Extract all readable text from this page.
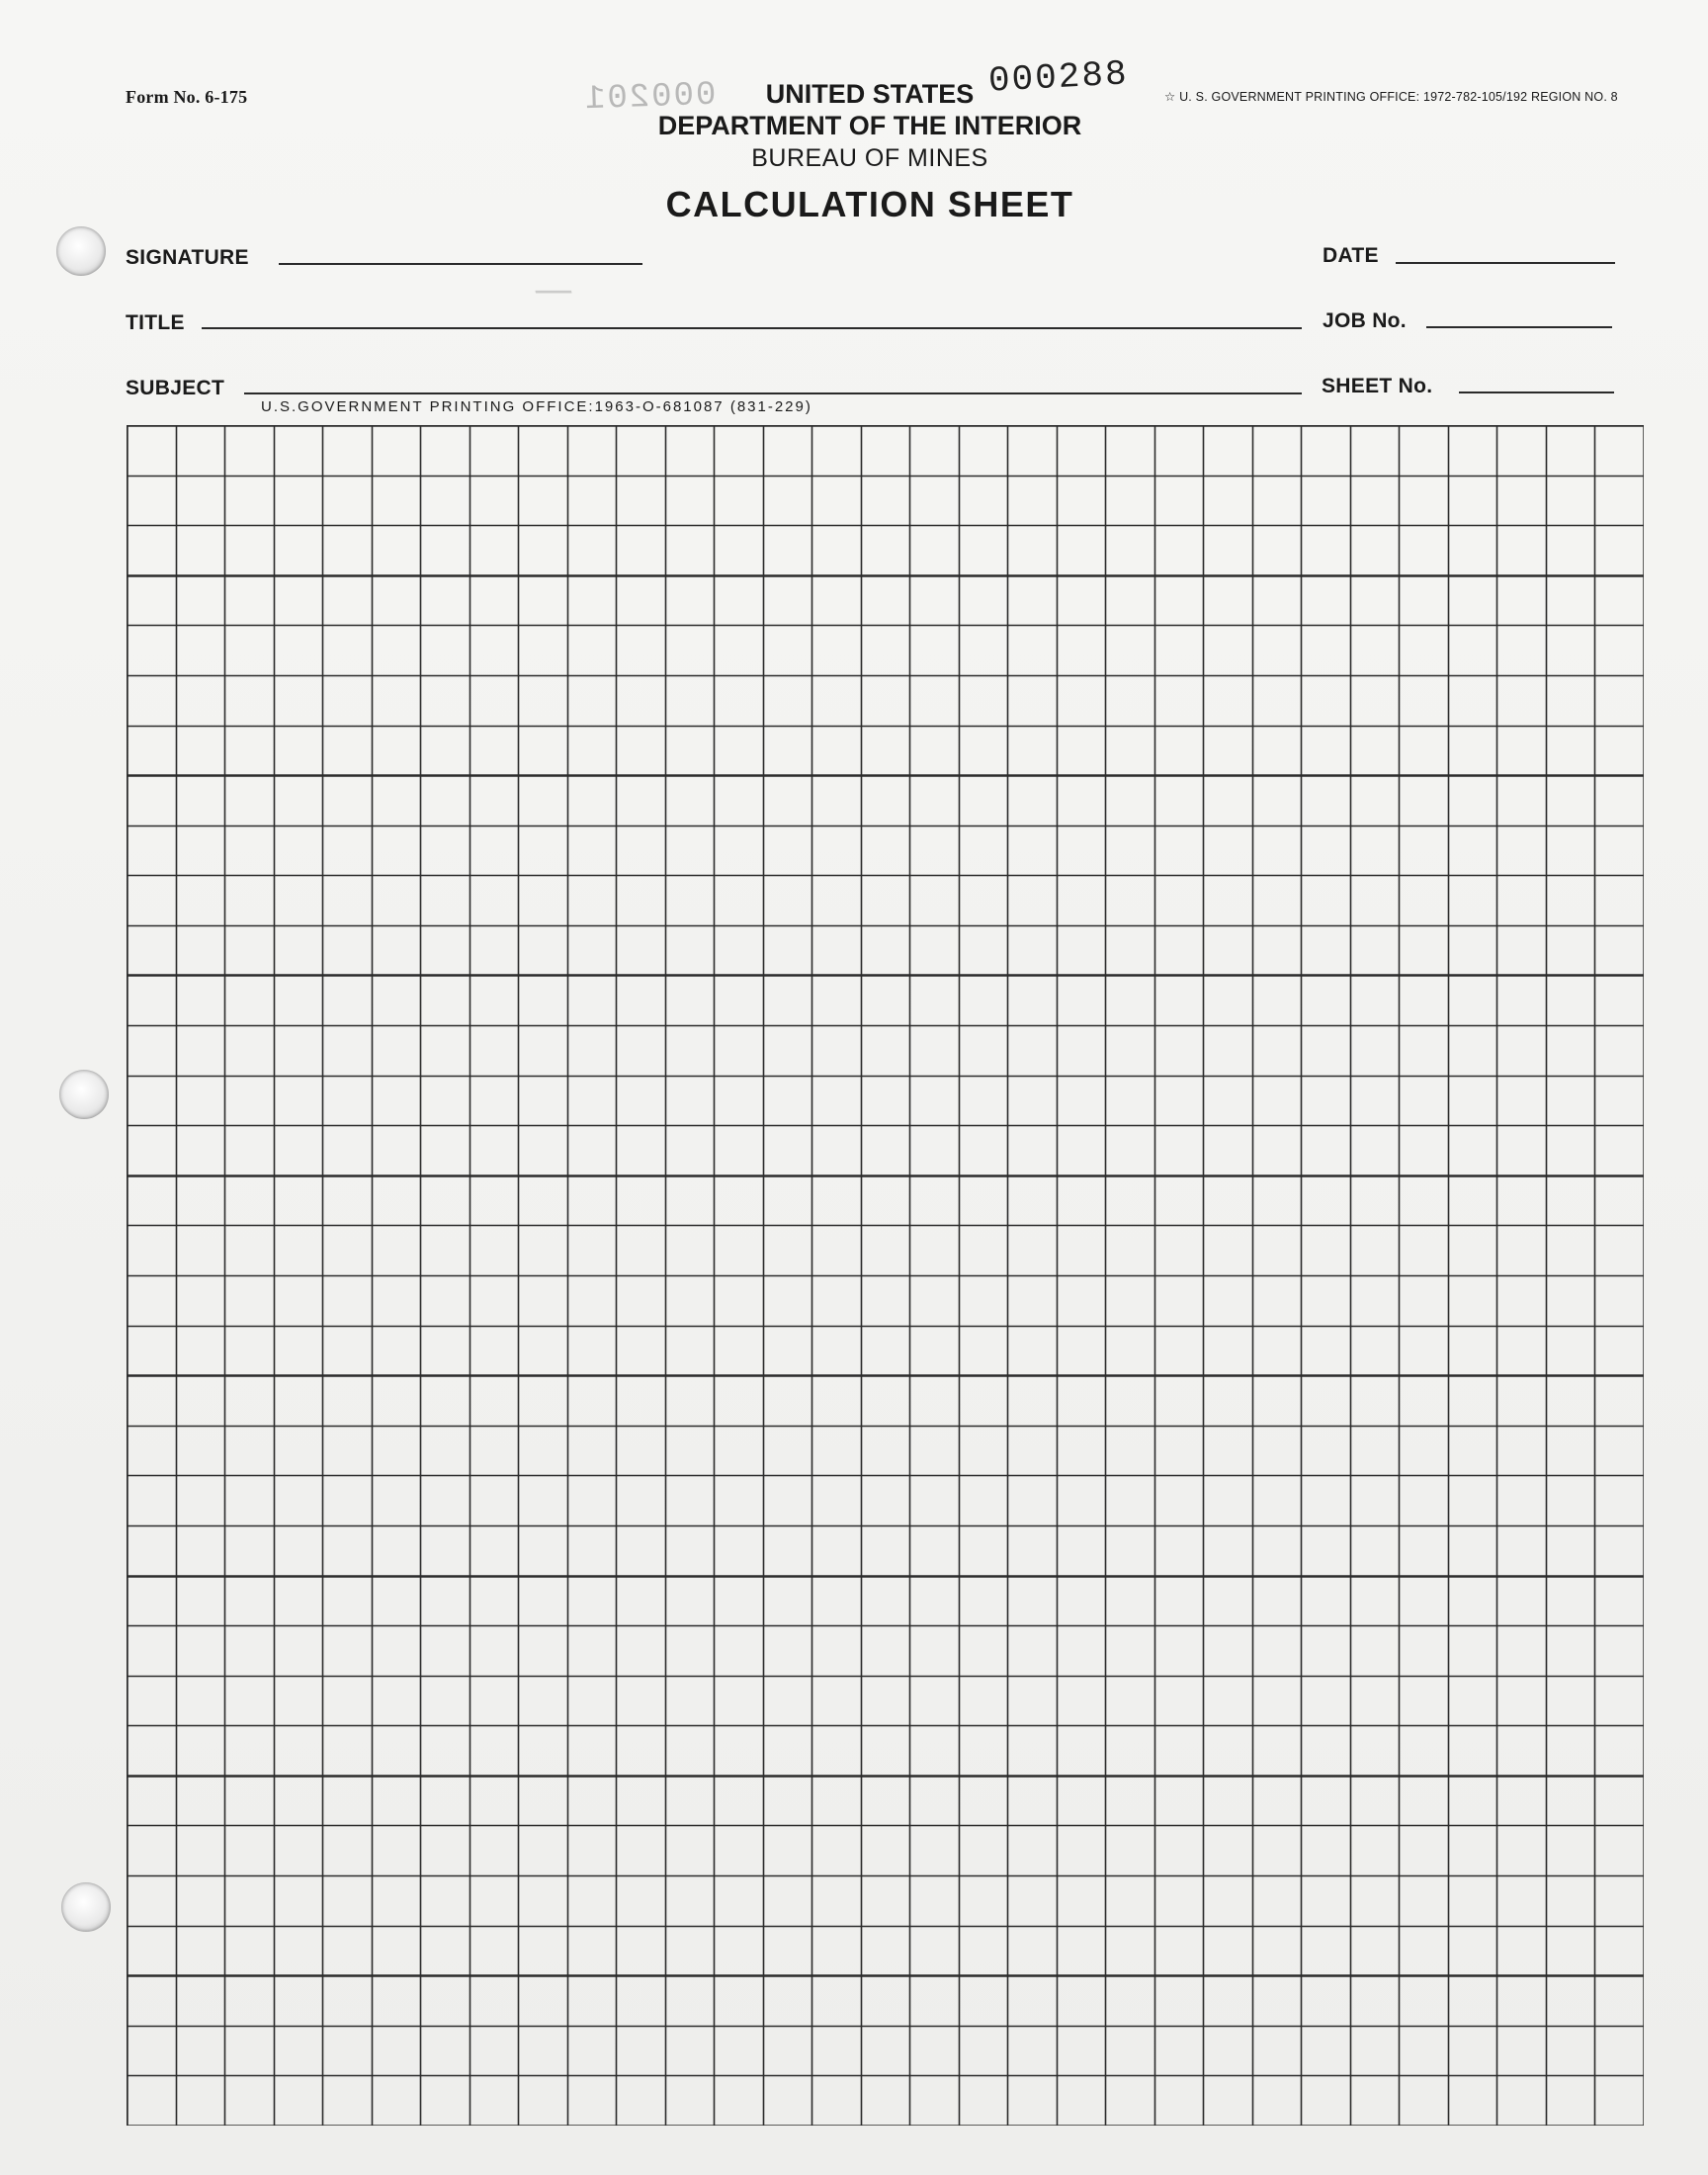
Form No. 6-175	☆ U. S. GOVERNMENT PRINTING OFFICE: 1972-782-105/192 REGION NO. 8
000201	000288
UNITED STATES
DEPARTMENT OF THE INTERIOR
BUREAU OF MINES
CALCULATION SHEET
SIGNATURE	DATE
TITLE	JOB No.
SUBJECT	SHEET No.
U.S.GOVERNMENT PRINTING OFFICE:1963-O-681087 (831-229)
—
